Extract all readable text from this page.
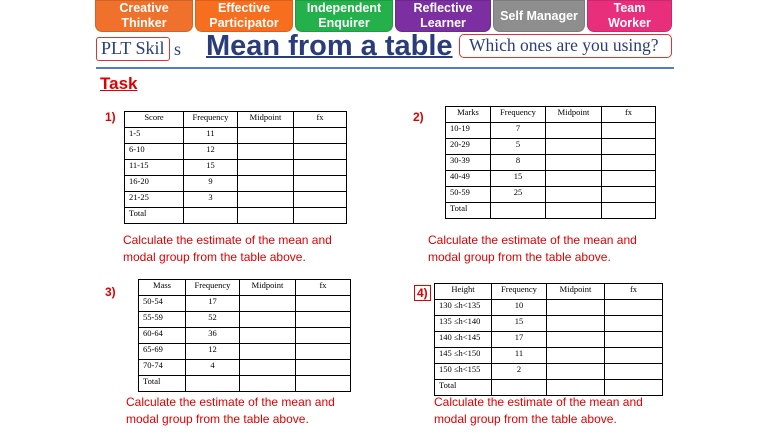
Creative
Thinker
Effective
Participator
Independent
Enquirer
Reflective
Learner
Self Manager
Team
Worker
PLT Skil s Mean from a table Which ones are you using?
Task
1)	Score	Frequency	Midpoint	fx
1-5	11		
6-10	12		
11-15	15		
16-20	9		
21-25	3		
Total			
Calculate the estimate of the mean and
modal group from the table above.
2)	Marks	Frequency	Midpoint	fx
10-19	7		
20-29	5		
30-39	8		
40-49	15		
50-59	25		
Total			
Calculate the estimate of the mean and
modal group from the table above.
3)	Mass	Frequency	Midpoint	fx
50-54	17		
55-59	52		
60-64	36		
65-69	12		
70-74	4		
Total			
Calculate the estimate of the mean and
modal group from the table above.
4)	Height	Frequency	Midpoint	fx
130 ≤h<135	10		
135 ≤h<140	15		
140 ≤h<145	17		
145 ≤h<150	11		
150 ≤h<155	2		
Total			
Calculate the estimate of the mean and
modal group from the table above.
